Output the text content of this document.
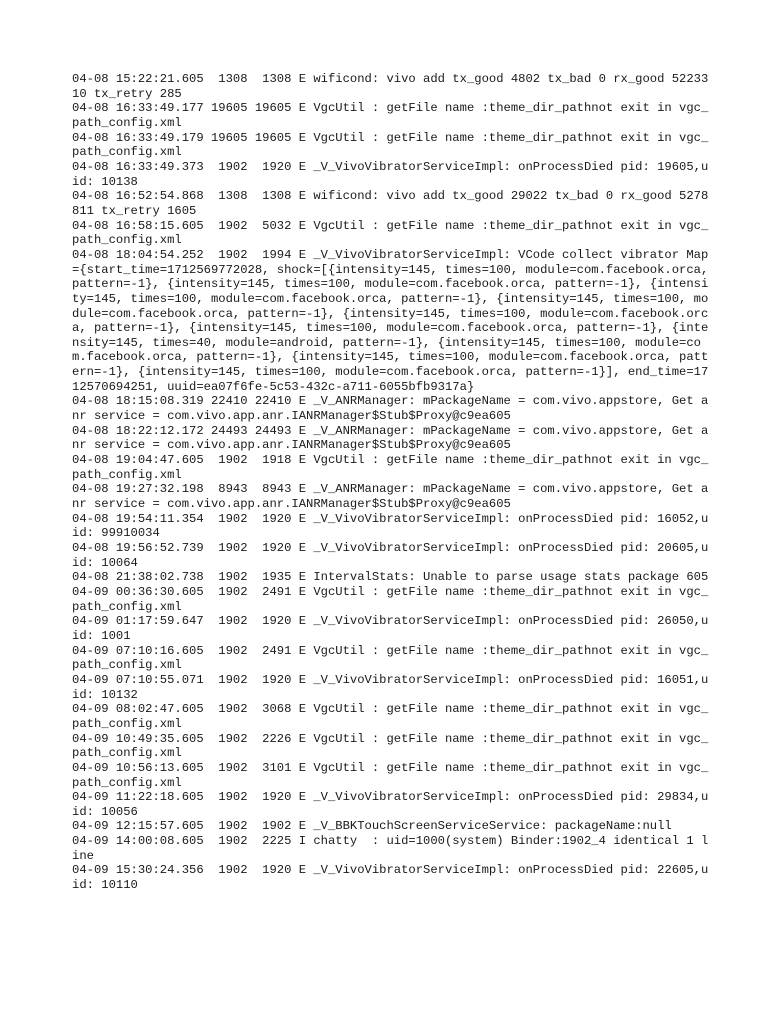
04-08 15:22:21.605  1308  1308 E wificond: vivo add tx_good 4802 tx_bad 0 rx_good 5223310 tx_retry 285

04-08 16:33:49.177 19605 19605 E VgcUtil : getFile name :theme_dir_pathnot exit in vgc_path_config.xml

04-08 16:33:49.179 19605 19605 E VgcUtil : getFile name :theme_dir_pathnot exit in vgc_path_config.xml

04-08 16:33:49.373  1902  1920 E _V_VivoVibratorServiceImpl: onProcessDied pid: 19605,uid: 10138

04-08 16:52:54.868  1308  1308 E wificond: vivo add tx_good 29022 tx_bad 0 rx_good 5278811 tx_retry 1605

04-08 16:58:15.605  1902  5032 E VgcUtil : getFile name :theme_dir_pathnot exit in vgc_path_config.xml

04-08 18:04:54.252  1902  1994 E _V_VivoVibratorServiceImpl: VCode collect vibrator Map={start_time=1712569772028, shock=[{intensity=145, times=100, module=com.facebook.orca, pattern=-1}, {intensity=145, times=100, module=com.facebook.orca, pattern=-1}, {intensity=145, times=100, module=com.facebook.orca, pattern=-1}, {intensity=145, times=100, module=com.facebook.orca, pattern=-1}, {intensity=145, times=100, module=com.facebook.orca, pattern=-1}, {intensity=145, times=100, module=com.facebook.orca, pattern=-1}, {intensity=145, times=40, module=android, pattern=-1}, {intensity=145, times=100, module=com.facebook.orca, pattern=-1}, {intensity=145, times=100, module=com.facebook.orca, pattern=-1}, {intensity=145, times=100, module=com.facebook.orca, pattern=-1}], end_time=1712570694251, uuid=ea07f6fe-5c53-432c-a711-6055bfb9317a}

04-08 18:15:08.319 22410 22410 E _V_ANRManager: mPackageName = com.vivo.appstore, Get anr service = com.vivo.app.anr.IANRManager$Stub$Proxy@c9ea605

04-08 18:22:12.172 24493 24493 E _V_ANRManager: mPackageName = com.vivo.appstore, Get anr service = com.vivo.app.anr.IANRManager$Stub$Proxy@c9ea605

04-08 19:04:47.605  1902  1918 E VgcUtil : getFile name :theme_dir_pathnot exit in vgc_path_config.xml

04-08 19:27:32.198  8943  8943 E _V_ANRManager: mPackageName = com.vivo.appstore, Get anr service = com.vivo.app.anr.IANRManager$Stub$Proxy@c9ea605

04-08 19:54:11.354  1902  1920 E _V_VivoVibratorServiceImpl: onProcessDied pid: 16052,uid: 99910034

04-08 19:56:52.739  1902  1920 E _V_VivoVibratorServiceImpl: onProcessDied pid: 20605,uid: 10064

04-08 21:38:02.738  1902  1935 E IntervalStats: Unable to parse usage stats package 605

04-09 00:36:30.605  1902  2491 E VgcUtil : getFile name :theme_dir_pathnot exit in vgc_path_config.xml

04-09 01:17:59.647  1902  1920 E _V_VivoVibratorServiceImpl: onProcessDied pid: 26050,uid: 1001

04-09 07:10:16.605  1902  2491 E VgcUtil : getFile name :theme_dir_pathnot exit in vgc_path_config.xml

04-09 07:10:55.071  1902  1920 E _V_VivoVibratorServiceImpl: onProcessDied pid: 16051,uid: 10132

04-09 08:02:47.605  1902  3068 E VgcUtil : getFile name :theme_dir_pathnot exit in vgc_path_config.xml

04-09 10:49:35.605  1902  2226 E VgcUtil : getFile name :theme_dir_pathnot exit in vgc_path_config.xml

04-09 10:56:13.605  1902  3101 E VgcUtil : getFile name :theme_dir_pathnot exit in vgc_path_config.xml

04-09 11:22:18.605  1902  1920 E _V_VivoVibratorServiceImpl: onProcessDied pid: 29834,uid: 10056

04-09 12:15:57.605  1902  1902 E _V_BBKTouchScreenServiceService: packageName:null

04-09 14:00:08.605  1902  2225 I chatty  : uid=1000(system) Binder:1902_4 identical 1 line

04-09 15:30:24.356  1902  1920 E _V_VivoVibratorServiceImpl: onProcessDied pid: 22605,uid: 10110
